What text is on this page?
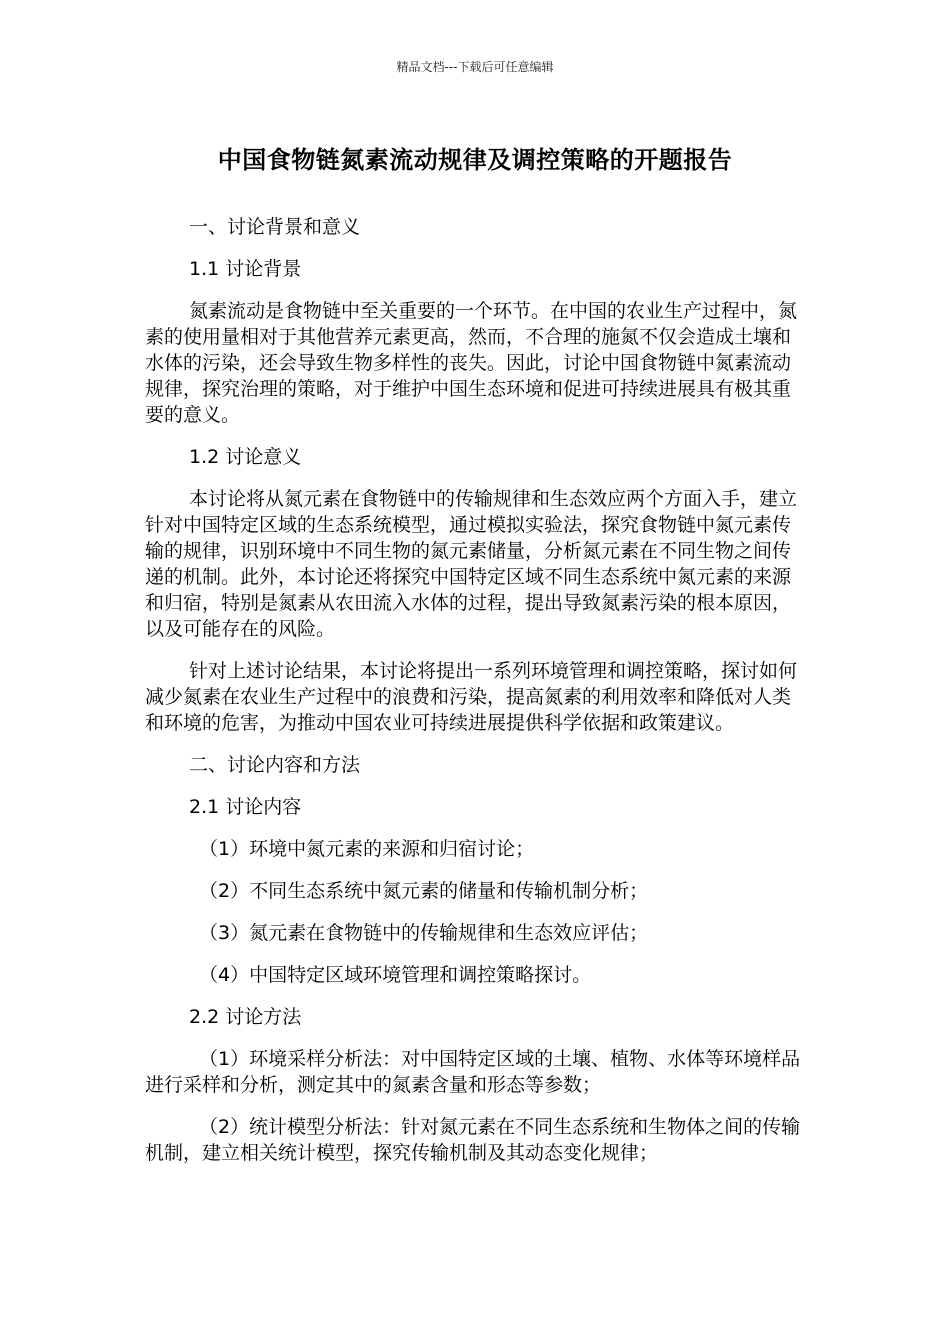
精品文档---下载后可任意编辑
中国食物链氮素流动规律及调控策略的开题报告

一、讨论背景和意义

1.1 讨论背景

氮素流动是食物链中至关重要的一个环节。在中国的农业生产过程中，氮素的使用量相对于其他营养元素更高，然而，不合理的施氮不仅会造成土壤和水体的污染，还会导致生物多样性的丧失。因此，讨论中国食物链中氮素流动规律，探究治理的策略，对于维护中国生态环境和促进可持续进展具有极其重要的意义。

1.2 讨论意义

本讨论将从氮元素在食物链中的传输规律和生态效应两个方面入手，建立针对中国特定区域的生态系统模型，通过模拟实验法，探究食物链中氮元素传输的规律，识别环境中不同生物的氮元素储量，分析氮元素在不同生物之间传递的机制。此外，本讨论还将探究中国特定区域不同生态系统中氮元素的来源和归宿，特别是氮素从农田流入水体的过程，提出导致氮素污染的根本原因，以及可能存在的风险。

针对上述讨论结果，本讨论将提出一系列环境管理和调控策略，探讨如何减少氮素在农业生产过程中的浪费和污染，提高氮素的利用效率和降低对人类和环境的危害，为推动中国农业可持续进展提供科学依据和政策建议。

二、讨论内容和方法

2.1 讨论内容

（1）环境中氮元素的来源和归宿讨论；

（2）不同生态系统中氮元素的储量和传输机制分析；

（3）氮元素在食物链中的传输规律和生态效应评估；

（4）中国特定区域环境管理和调控策略探讨。

2.2 讨论方法

（1）环境采样分析法：对中国特定区域的土壤、植物、水体等环境样品进行采样和分析，测定其中的氮素含量和形态等参数；

（2）统计模型分析法：针对氮元素在不同生态系统和生物体之间的传输机制，建立相关统计模型，探究传输机制及其动态变化规律；
